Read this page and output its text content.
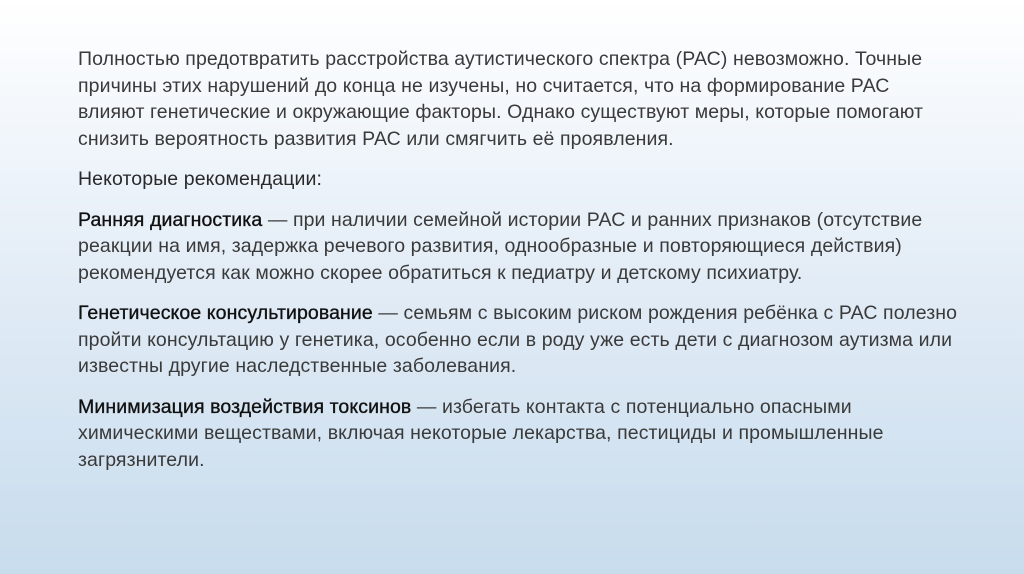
Полностью предотвратить расстройства аутистического спектра (РАС) невозможно. Точные причины этих нарушений до конца не изучены, но считается, что на формирование РАС влияют генетические и окружающие факторы. Однако существуют меры, которые помогают снизить вероятность развития РАС или смягчить её проявления.

Некоторые рекомендации:

Ранняя диагностика — при наличии семейной истории РАС и ранних признаков (отсутствие реакции на имя, задержка речевого развития, однообразные и повторяющиеся действия) рекомендуется как можно скорее обратиться к педиатру и детскому психиатру.

Генетическое консультирование — семьям с высоким риском рождения ребёнка с РАС полезно пройти консультацию у генетика, особенно если в роду уже есть дети с диагнозом аутизма или известны другие наследственные заболевания.

Минимизация воздействия токсинов — избегать контакта с потенциально опасными химическими веществами, включая некоторые лекарства, пестициды и промышленные загрязнители.
